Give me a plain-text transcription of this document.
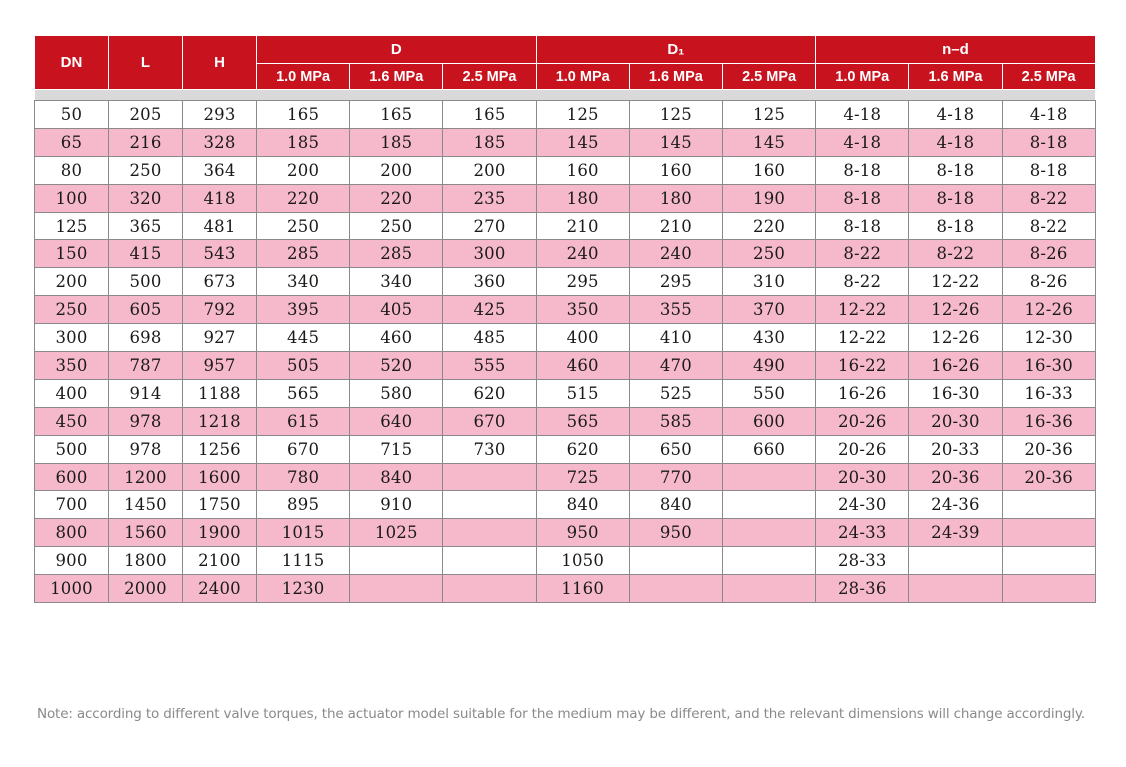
DN	L	H	D			D₁			n–d		
			1.0 MPa	1.6 MPa	2.5 MPa	1.0 MPa	1.6 MPa	2.5 MPa	1.0 MPa	1.6 MPa	2.5 MPa

50	205	293	165	165	165	125	125	125	4-18	4-18	4-18
65	216	328	185	185	185	145	145	145	4-18	4-18	8-18
80	250	364	200	200	200	160	160	160	8-18	8-18	8-18
100	320	418	220	220	235	180	180	190	8-18	8-18	8-22
125	365	481	250	250	270	210	210	220	8-18	8-18	8-22
150	415	543	285	285	300	240	240	250	8-22	8-22	8-26
200	500	673	340	340	360	295	295	310	8-22	12-22	8-26
250	605	792	395	405	425	350	355	370	12-22	12-26	12-26
300	698	927	445	460	485	400	410	430	12-22	12-26	12-30
350	787	957	505	520	555	460	470	490	16-22	16-26	16-30
400	914	1188	565	580	620	515	525	550	16-26	16-30	16-33
450	978	1218	615	640	670	565	585	600	20-26	20-30	16-36
500	978	1256	670	715	730	620	650	660	20-26	20-33	20-36
600	1200	1600	780	840		725	770		20-30	20-36	20-36
700	1450	1750	895	910		840	840		24-30	24-36	
800	1560	1900	1015	1025		950	950		24-33	24-39	
900	1800	2100	1115			1050			28-33		
1000	2000	2400	1230			1160			28-36		
Note: according to different valve torques, the actuator model suitable for the medium may be different, and the relevant dimensions will change accordingly.
